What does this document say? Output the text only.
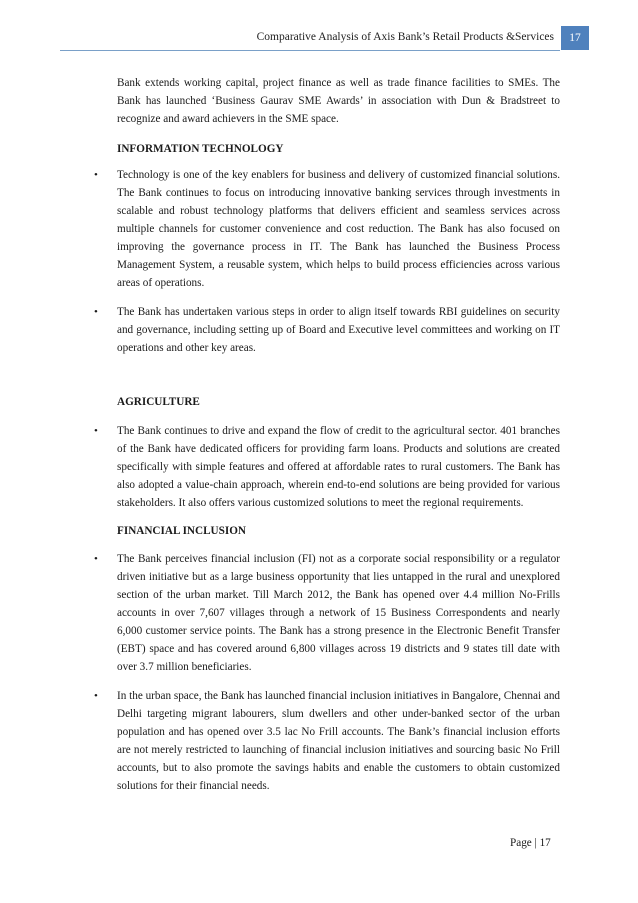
Comparative Analysis of Axis Bank’s Retail Products &Services	17

Bank extends working capital, project finance as well as trade finance facilities to SMEs. The Bank has launched ‘Business Gaurav SME Awards’ in association with Dun & Bradstreet to recognize and award achievers in the SME space.

INFORMATION TECHNOLOGY

• Technology is one of the key enablers for business and delivery of customized financial solutions. The Bank continues to focus on introducing innovative banking services through investments in scalable and robust technology platforms that delivers efficient and seamless services across multiple channels for customer convenience and cost reduction. The Bank has also focused on improving the governance process in IT. The Bank has launched the Business Process Management System, a reusable system, which helps to build process efficiencies across various areas of operations.

• The Bank has undertaken various steps in order to align itself towards RBI guidelines on security and governance, including setting up of Board and Executive level committees and working on IT operations and other key areas.

AGRICULTURE

• The Bank continues to drive and expand the flow of credit to the agricultural sector. 401 branches of the Bank have dedicated officers for providing farm loans. Products and solutions are created specifically with simple features and offered at affordable rates to rural customers. The Bank has also adopted a value-chain approach, wherein end-to-end solutions are being provided for various stakeholders. It also offers various customized solutions to meet the regional requirements.

FINANCIAL INCLUSION

• The Bank perceives financial inclusion (FI) not as a corporate social responsibility or a regulator driven initiative but as a large business opportunity that lies untapped in the rural and unexplored section of the urban market. Till March 2012, the Bank has opened over 4.4 million No-Frills accounts in over 7,607 villages through a network of 15 Business Correspondents and nearly 6,000 customer service points. The Bank has a strong presence in the Electronic Benefit Transfer (EBT) space and has covered around 6,800 villages across 19 districts and 9 states till date with over 3.7 million beneficiaries.

• In the urban space, the Bank has launched financial inclusion initiatives in Bangalore, Chennai and Delhi targeting migrant labourers, slum dwellers and other under-banked sector of the urban population and has opened over 3.5 lac No Frill accounts. The Bank’s financial inclusion efforts are not merely restricted to launching of financial inclusion initiatives and sourcing basic No Frill accounts, but to also promote the savings habits and enable the customers to obtain customized solutions for their financial needs.

Page | 17
